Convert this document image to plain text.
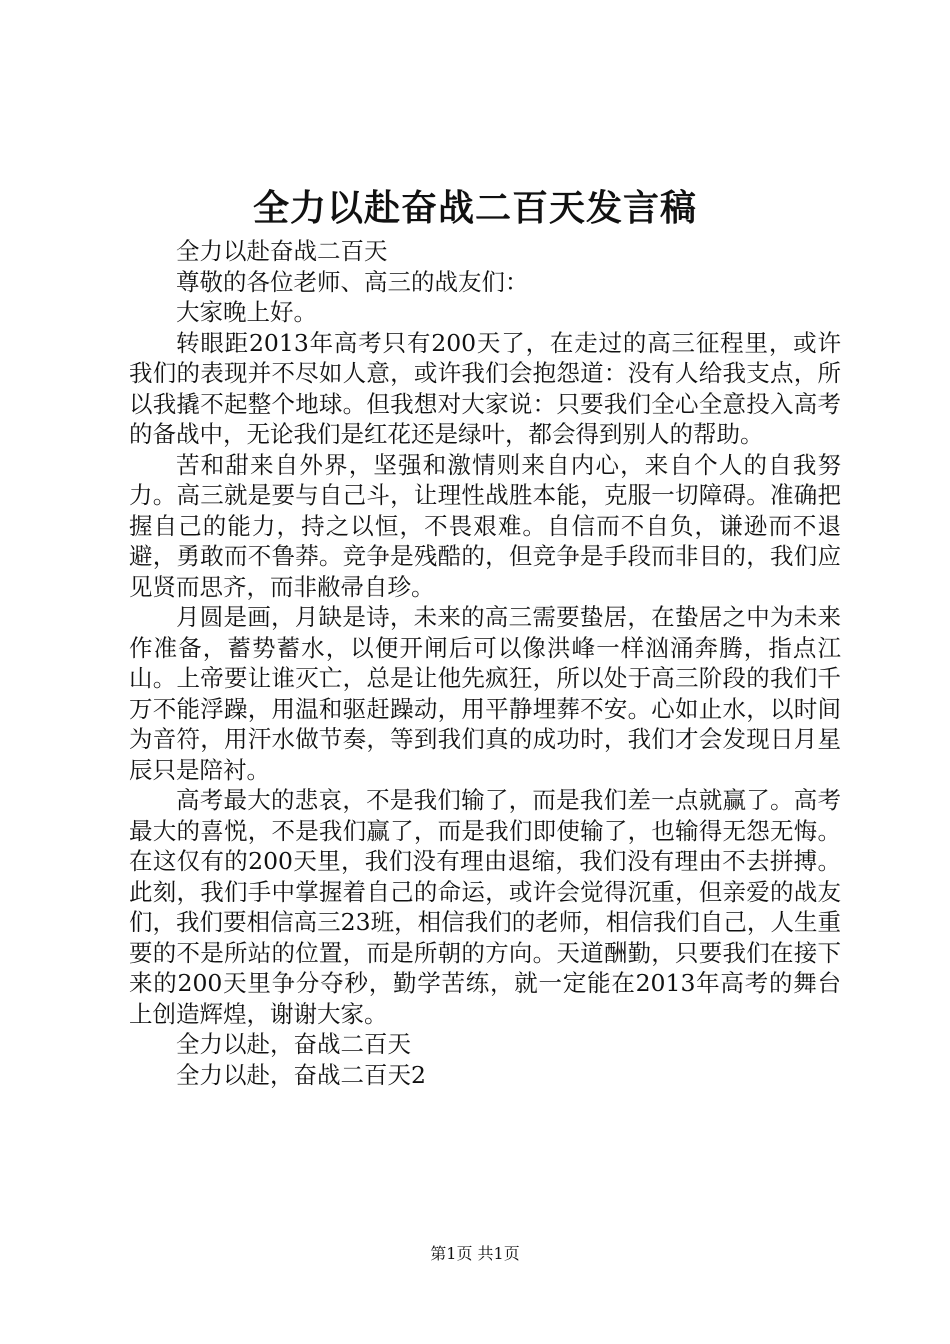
全力以赴奋战二百天发言稿

全力以赴奋战二百天

尊敬的各位老师、高三的战友们：

大家晚上好。

转眼距2013年高考只有200天了，在走过的高三征程里，或许我们的表现并不尽如人意，或许我们会抱怨道：没有人给我支点，所以我撬不起整个地球。但我想对大家说：只要我们全心全意投入高考的备战中，无论我们是红花还是绿叶，都会得到别人的帮助。

苦和甜来自外界，坚强和激情则来自内心，来自个人的自我努力。高三就是要与自己斗，让理性战胜本能，克服一切障碍。准确把握自己的能力，持之以恒，不畏艰难。自信而不自负，谦逊而不退避，勇敢而不鲁莽。竞争是残酷的，但竞争是手段而非目的，我们应见贤而思齐，而非敝帚自珍。

月圆是画，月缺是诗，未来的高三需要蛰居，在蛰居之中为未来作准备，蓄势蓄水，以便开闸后可以像洪峰一样汹涌奔腾，指点江山。上帝要让谁灭亡，总是让他先疯狂，所以处于高三阶段的我们千万不能浮躁，用温和驱赶躁动，用平静埋葬不安。心如止水，以时间为音符，用汗水做节奏，等到我们真的成功时，我们才会发现日月星辰只是陪衬。

高考最大的悲哀，不是我们输了，而是我们差一点就赢了。高考最大的喜悦，不是我们赢了，而是我们即使输了，也输得无怨无悔。在这仅有的200天里，我们没有理由退缩，我们没有理由不去拼搏。此刻，我们手中掌握着自己的命运，或许会觉得沉重，但亲爱的战友们，我们要相信高三23班，相信我们的老师，相信我们自己，人生重要的不是所站的位置，而是所朝的方向。天道酬勤，只要我们在接下来的200天里争分夺秒，勤学苦练，就一定能在2013年高考的舞台上创造辉煌，谢谢大家。

全力以赴，奋战二百天

全力以赴，奋战二百天2

第1页 共1页
